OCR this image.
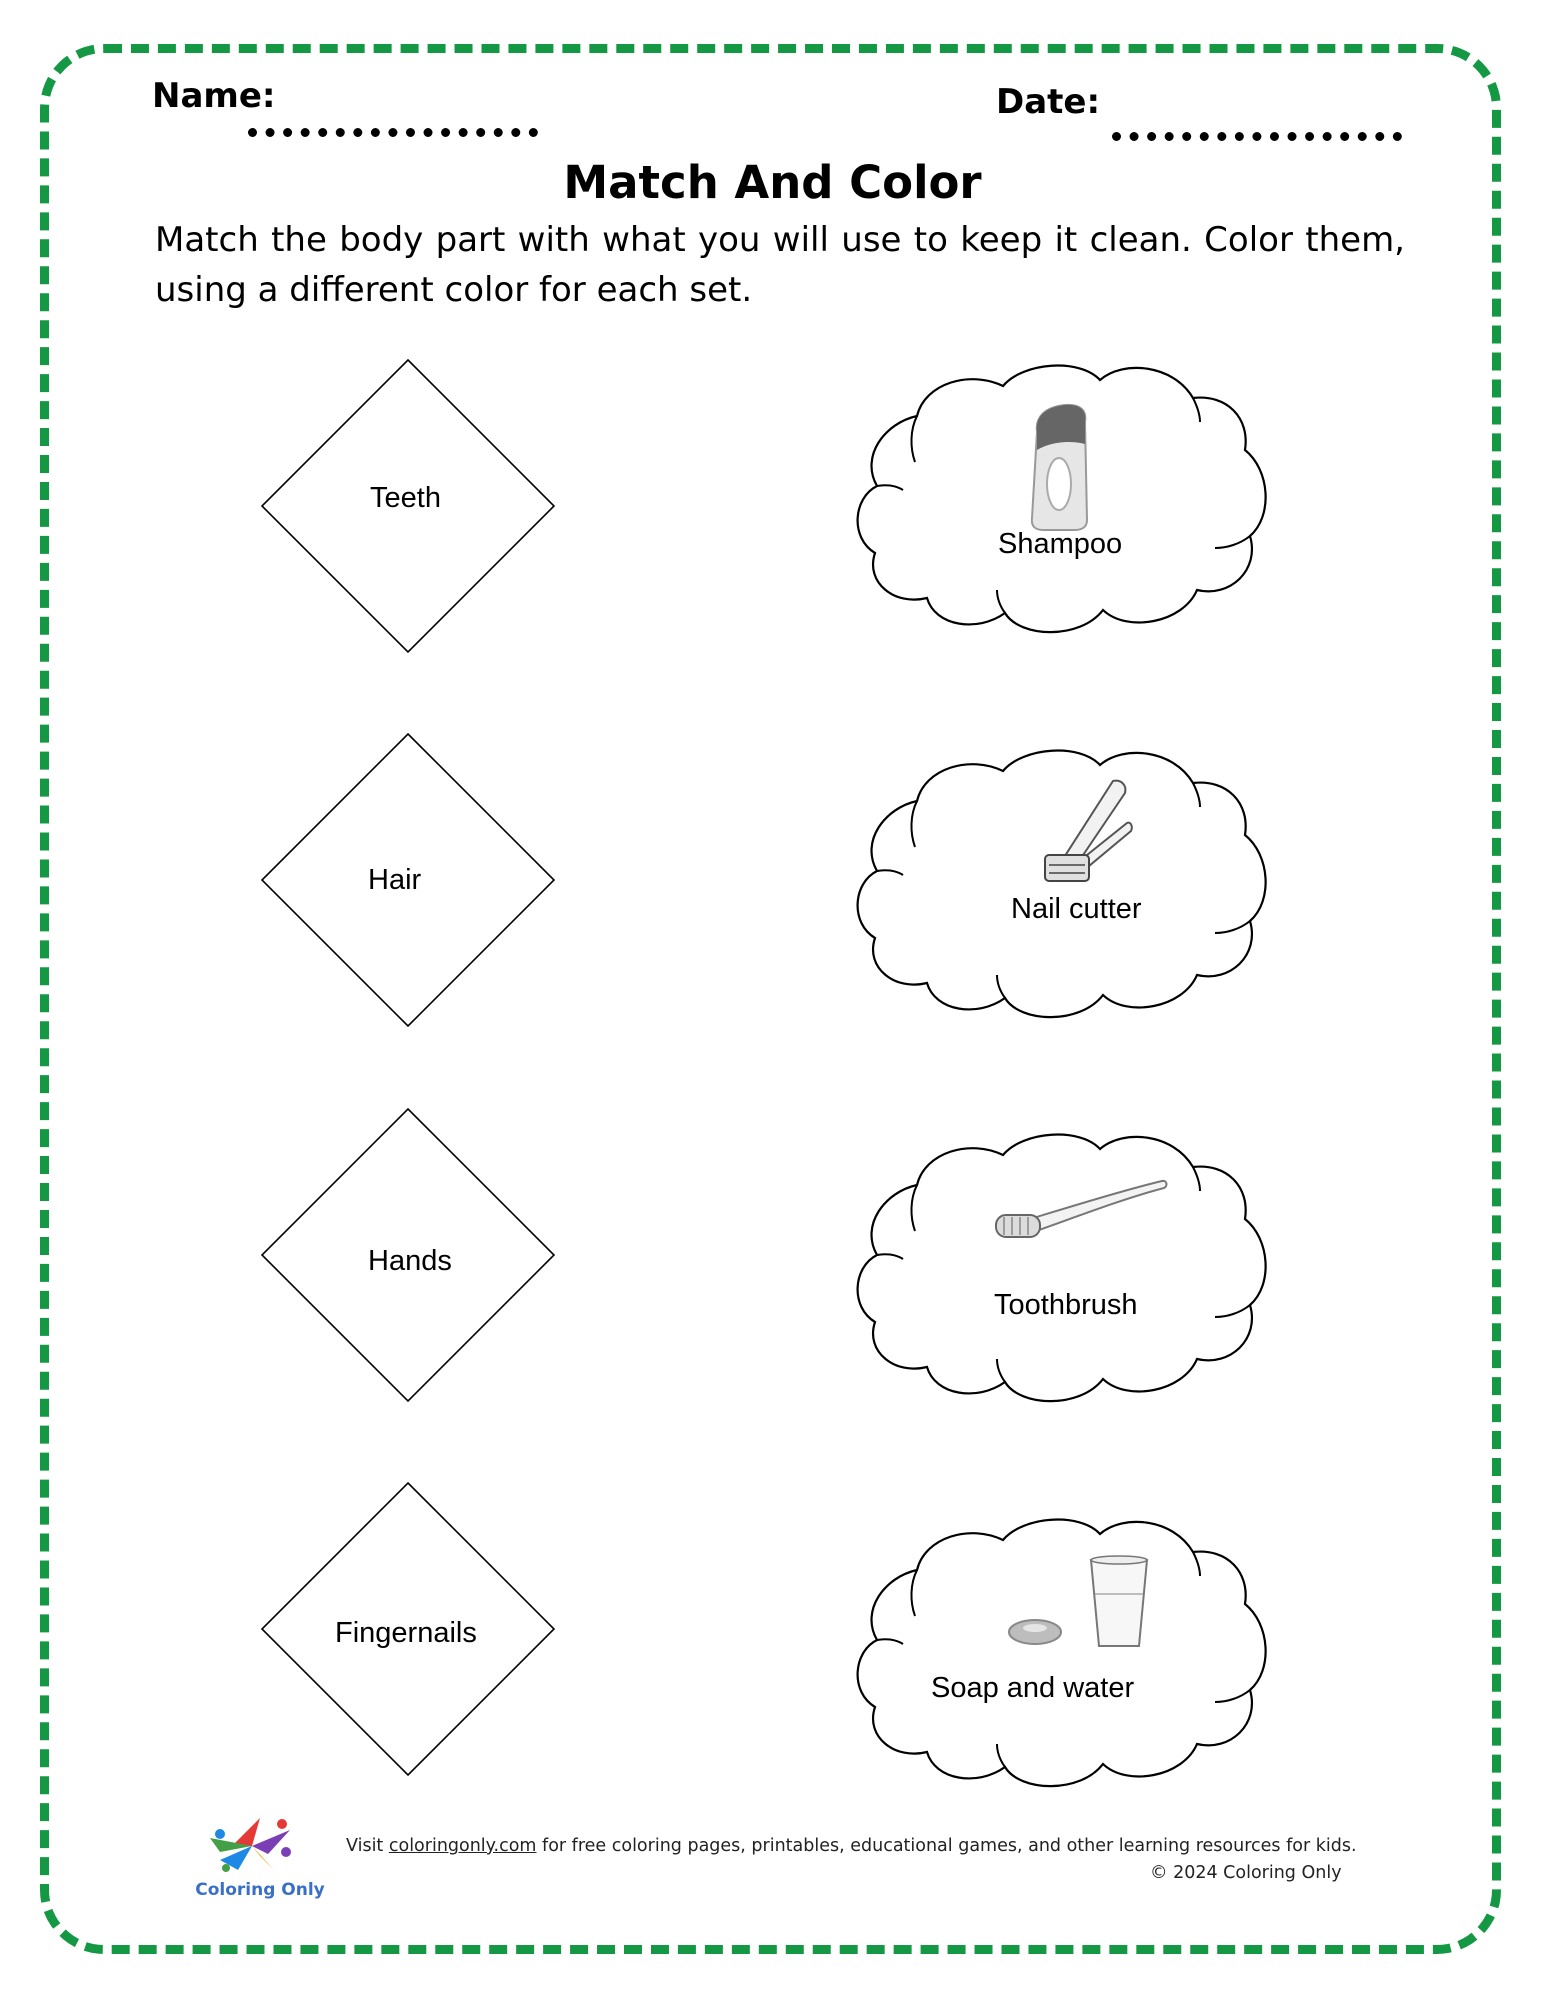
Name:	Date:
Match And Color
Match the body part with what you will use to keep it clean. Color them, using a different color for each set.
Teeth
Hair
Hands
Fingernails
Shampoo
Nail cutter
Toothbrush
Soap and water
Coloring Only
Visit coloringonly.com for free coloring pages, printables, educational games, and other learning resources for kids.
© 2024 Coloring Only
